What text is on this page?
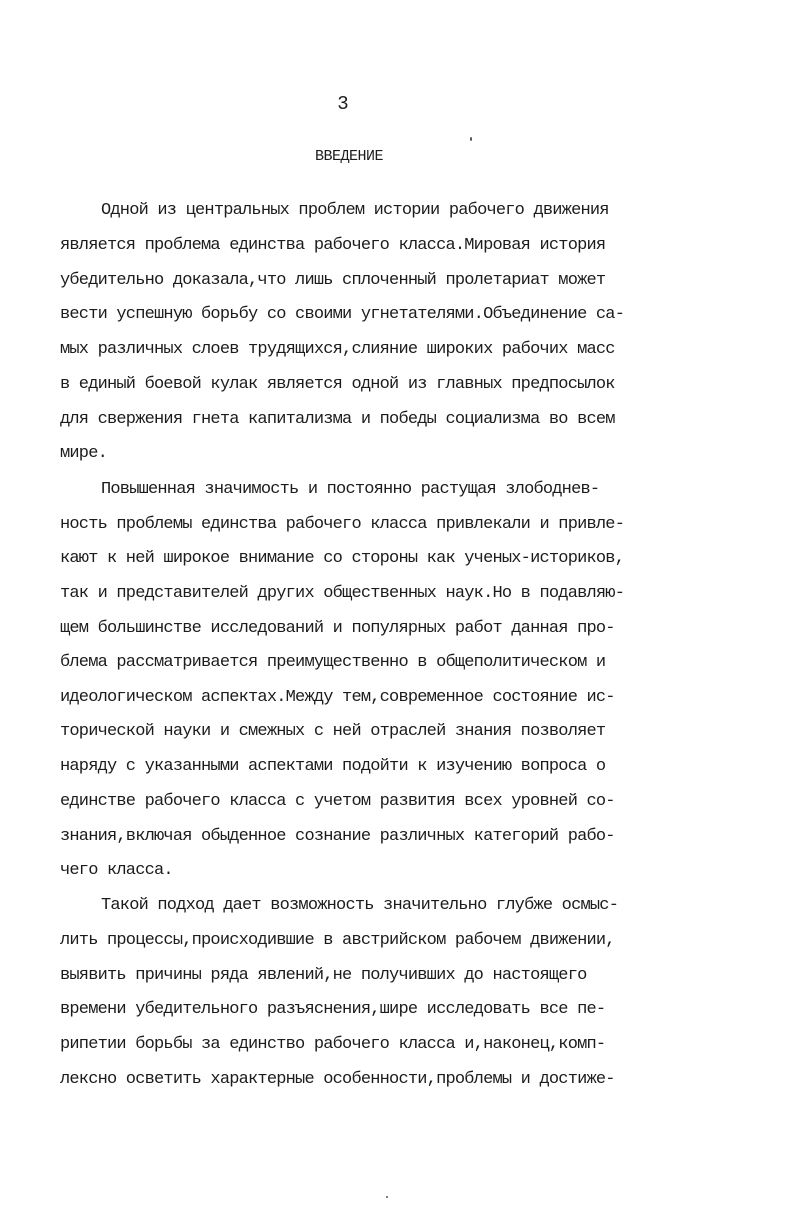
3
ВВЕДЕНИЕ
Одной из центральных проблем истории рабочего движения
является проблема единства рабочего класса.Мировая история
убедительно доказала,что лишь сплоченный пролетариат может
вести успешную борьбу со своими угнетателями.Объединение са-
мых различных слоев трудящихся,слияние широких рабочих масс
в единый боевой кулак является одной из главных предпосылок
для свержения гнета капитализма и победы социализма во всем
мире.
Повышенная значимость и постоянно растущая злободнев-
ность проблемы единства рабочего класса привлекали и привле-
кают к ней широкое внимание со стороны как ученых-историков,
так и представителей других общественных наук.Но в подавляю-
щем большинстве исследований и популярных работ данная про-
блема рассматривается преимущественно в общеполитическом и
идеологическом аспектах.Между тем,современное состояние ис-
торической науки и смежных с ней отраслей знания позволяет
наряду с указанными аспектами подойти к изучению вопроса о
единстве рабочего класса с учетом развития всех уровней со-
знания,включая обыденное сознание различных категорий рабо-
чего класса.
Такой подход дает возможность значительно глубже осмыс-
лить процессы,происходившие в австрийском рабочем движении,
выявить причины ряда явлений,не получивших до настоящего
времени убедительного разъяснения,шире исследовать все пе-
рипетии борьбы за единство рабочего класса и,наконец,комп-
лексно осветить характерные особенности,проблемы и достиже-
